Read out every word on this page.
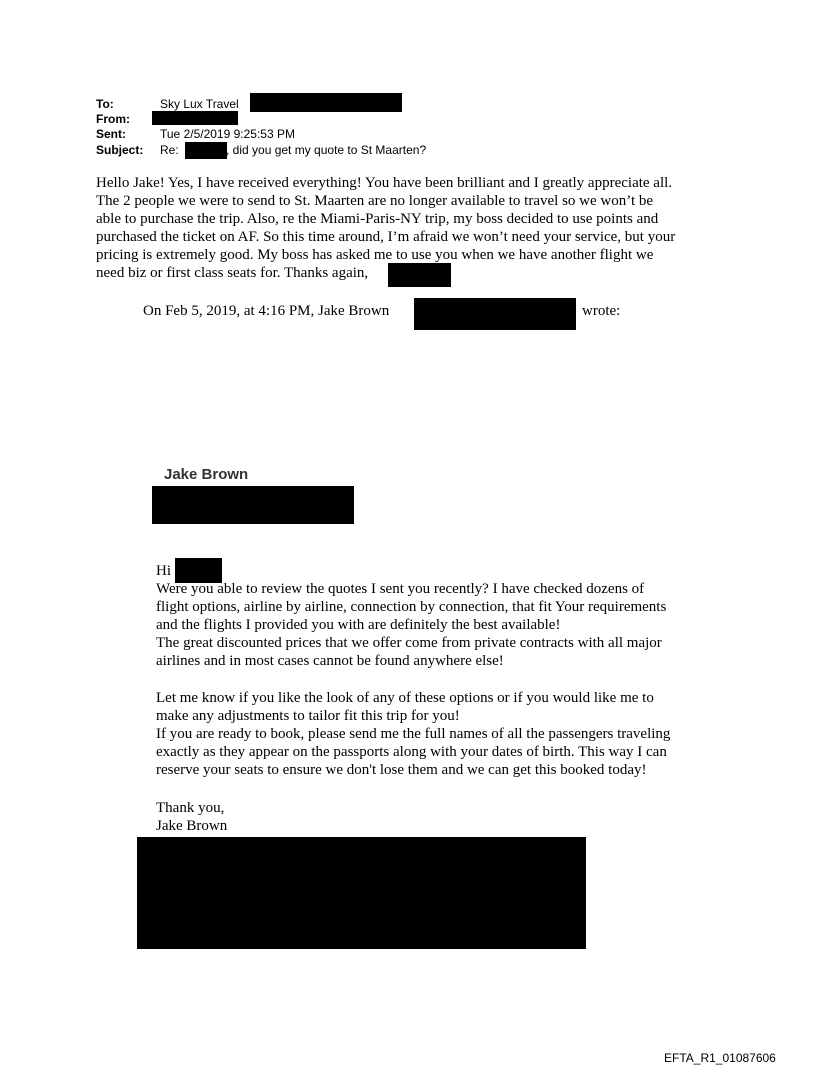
To:	Sky Lux Travel
From:
Sent:	Tue 2/5/2019 9:25:53 PM
Subject: Re:	, did you get my quote to St Maarten?
Hello Jake! Yes, I have received everything! You have been brilliant and I greatly appreciate all.
The 2 people we were to send to St. Maarten are no longer available to travel so we won’t be
able to purchase the trip. Also, re the Miami-Paris-NY trip, my boss decided to use points and
purchased the ticket on AF. So this time around, I’m afraid we won’t need your service, but your
pricing is extremely good. My boss has asked me to use you when we have another flight we
need biz or first class seats for. Thanks again,
On Feb 5, 2019, at 4:16 PM, Jake Brown	wrote:
Jake Brown
Hi
Were you able to review the quotes I sent you recently? I have checked dozens of
flight options, airline by airline, connection by connection, that fit Your requirements
and the flights I provided you with are definitely the best available!
The great discounted prices that we offer come from private contracts with all major
airlines and in most cases cannot be found anywhere else!
Let me know if you like the look of any of these options or if you would like me to
make any adjustments to tailor fit this trip for you!
If you are ready to book, please send me the full names of all the passengers traveling
exactly as they appear on the passports along with your dates of birth. This way I can
reserve your seats to ensure we don't lose them and we can get this booked today!
Thank you,
Jake Brown
EFTA_R1_01087606
